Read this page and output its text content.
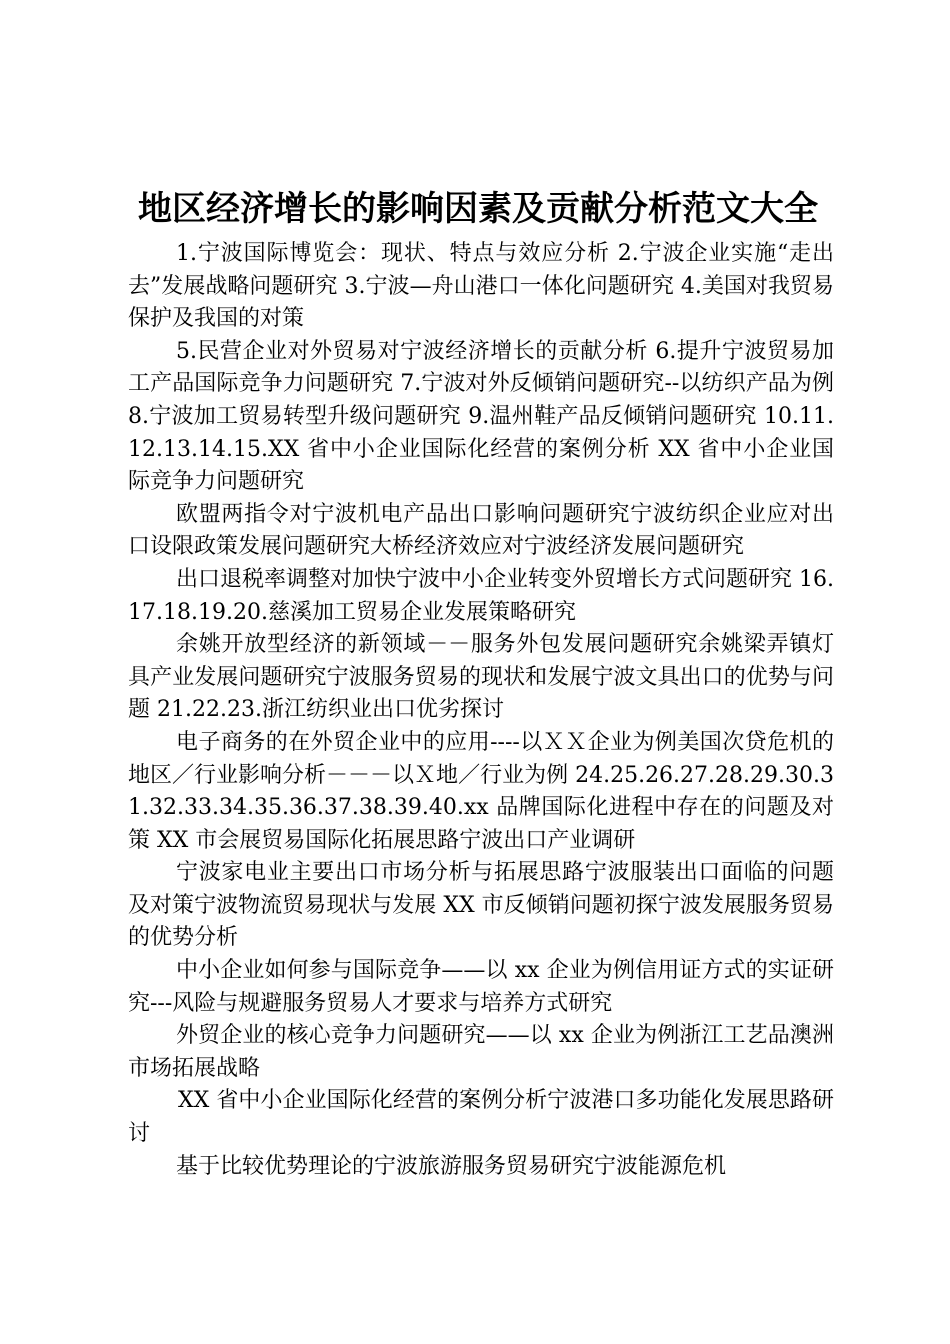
地区经济增长的影响因素及贡献分析范文大全

1.宁波国际博览会：现状、特点与效应分析 2.宁波企业实施“走出去”发展战略问题研究 3.宁波—舟山港口一体化问题研究 4.美国对我贸易保护及我国的对策

5.民营企业对外贸易对宁波经济增长的贡献分析 6.提升宁波贸易加工产品国际竞争力问题研究 7.宁波对外反倾销问题研究--以纺织产品为例 8.宁波加工贸易转型升级问题研究 9.温州鞋产品反倾销问题研究 10.11.12.13.14.15.XX 省中小企业国际化经营的案例分析 XX 省中小企业国际竞争力问题研究

欧盟两指令对宁波机电产品出口影响问题研究宁波纺织企业应对出口设限政策发展问题研究大桥经济效应对宁波经济发展问题研究

出口退税率调整对加快宁波中小企业转变外贸增长方式问题研究 16.17.18.19.20.慈溪加工贸易企业发展策略研究

余姚开放型经济的新领域－－服务外包发展问题研究余姚梁弄镇灯具产业发展问题研究宁波服务贸易的现状和发展宁波文具出口的优势与问题 21.22.23.浙江纺织业出口优劣探讨

电子商务的在外贸企业中的应用----以ＸＸ企业为例美国次贷危机的地区／行业影响分析－－－以Ｘ地／行业为例 24.25.26.27.28.29.30.31.32.33.34.35.36.37.38.39.40.xx 品牌国际化进程中存在的问题及对策 XX 市会展贸易国际化拓展思路宁波出口产业调研

宁波家电业主要出口市场分析与拓展思路宁波服装出口面临的问题及对策宁波物流贸易现状与发展 XX 市反倾销问题初探宁波发展服务贸易的优势分析

中小企业如何参与国际竞争——以 xx 企业为例信用证方式的实证研究---风险与规避服务贸易人才要求与培养方式研究

外贸企业的核心竞争力问题研究——以 xx 企业为例浙江工艺品澳洲市场拓展战略

XX 省中小企业国际化经营的案例分析宁波港口多功能化发展思路研讨

基于比较优势理论的宁波旅游服务贸易研究宁波能源危机
